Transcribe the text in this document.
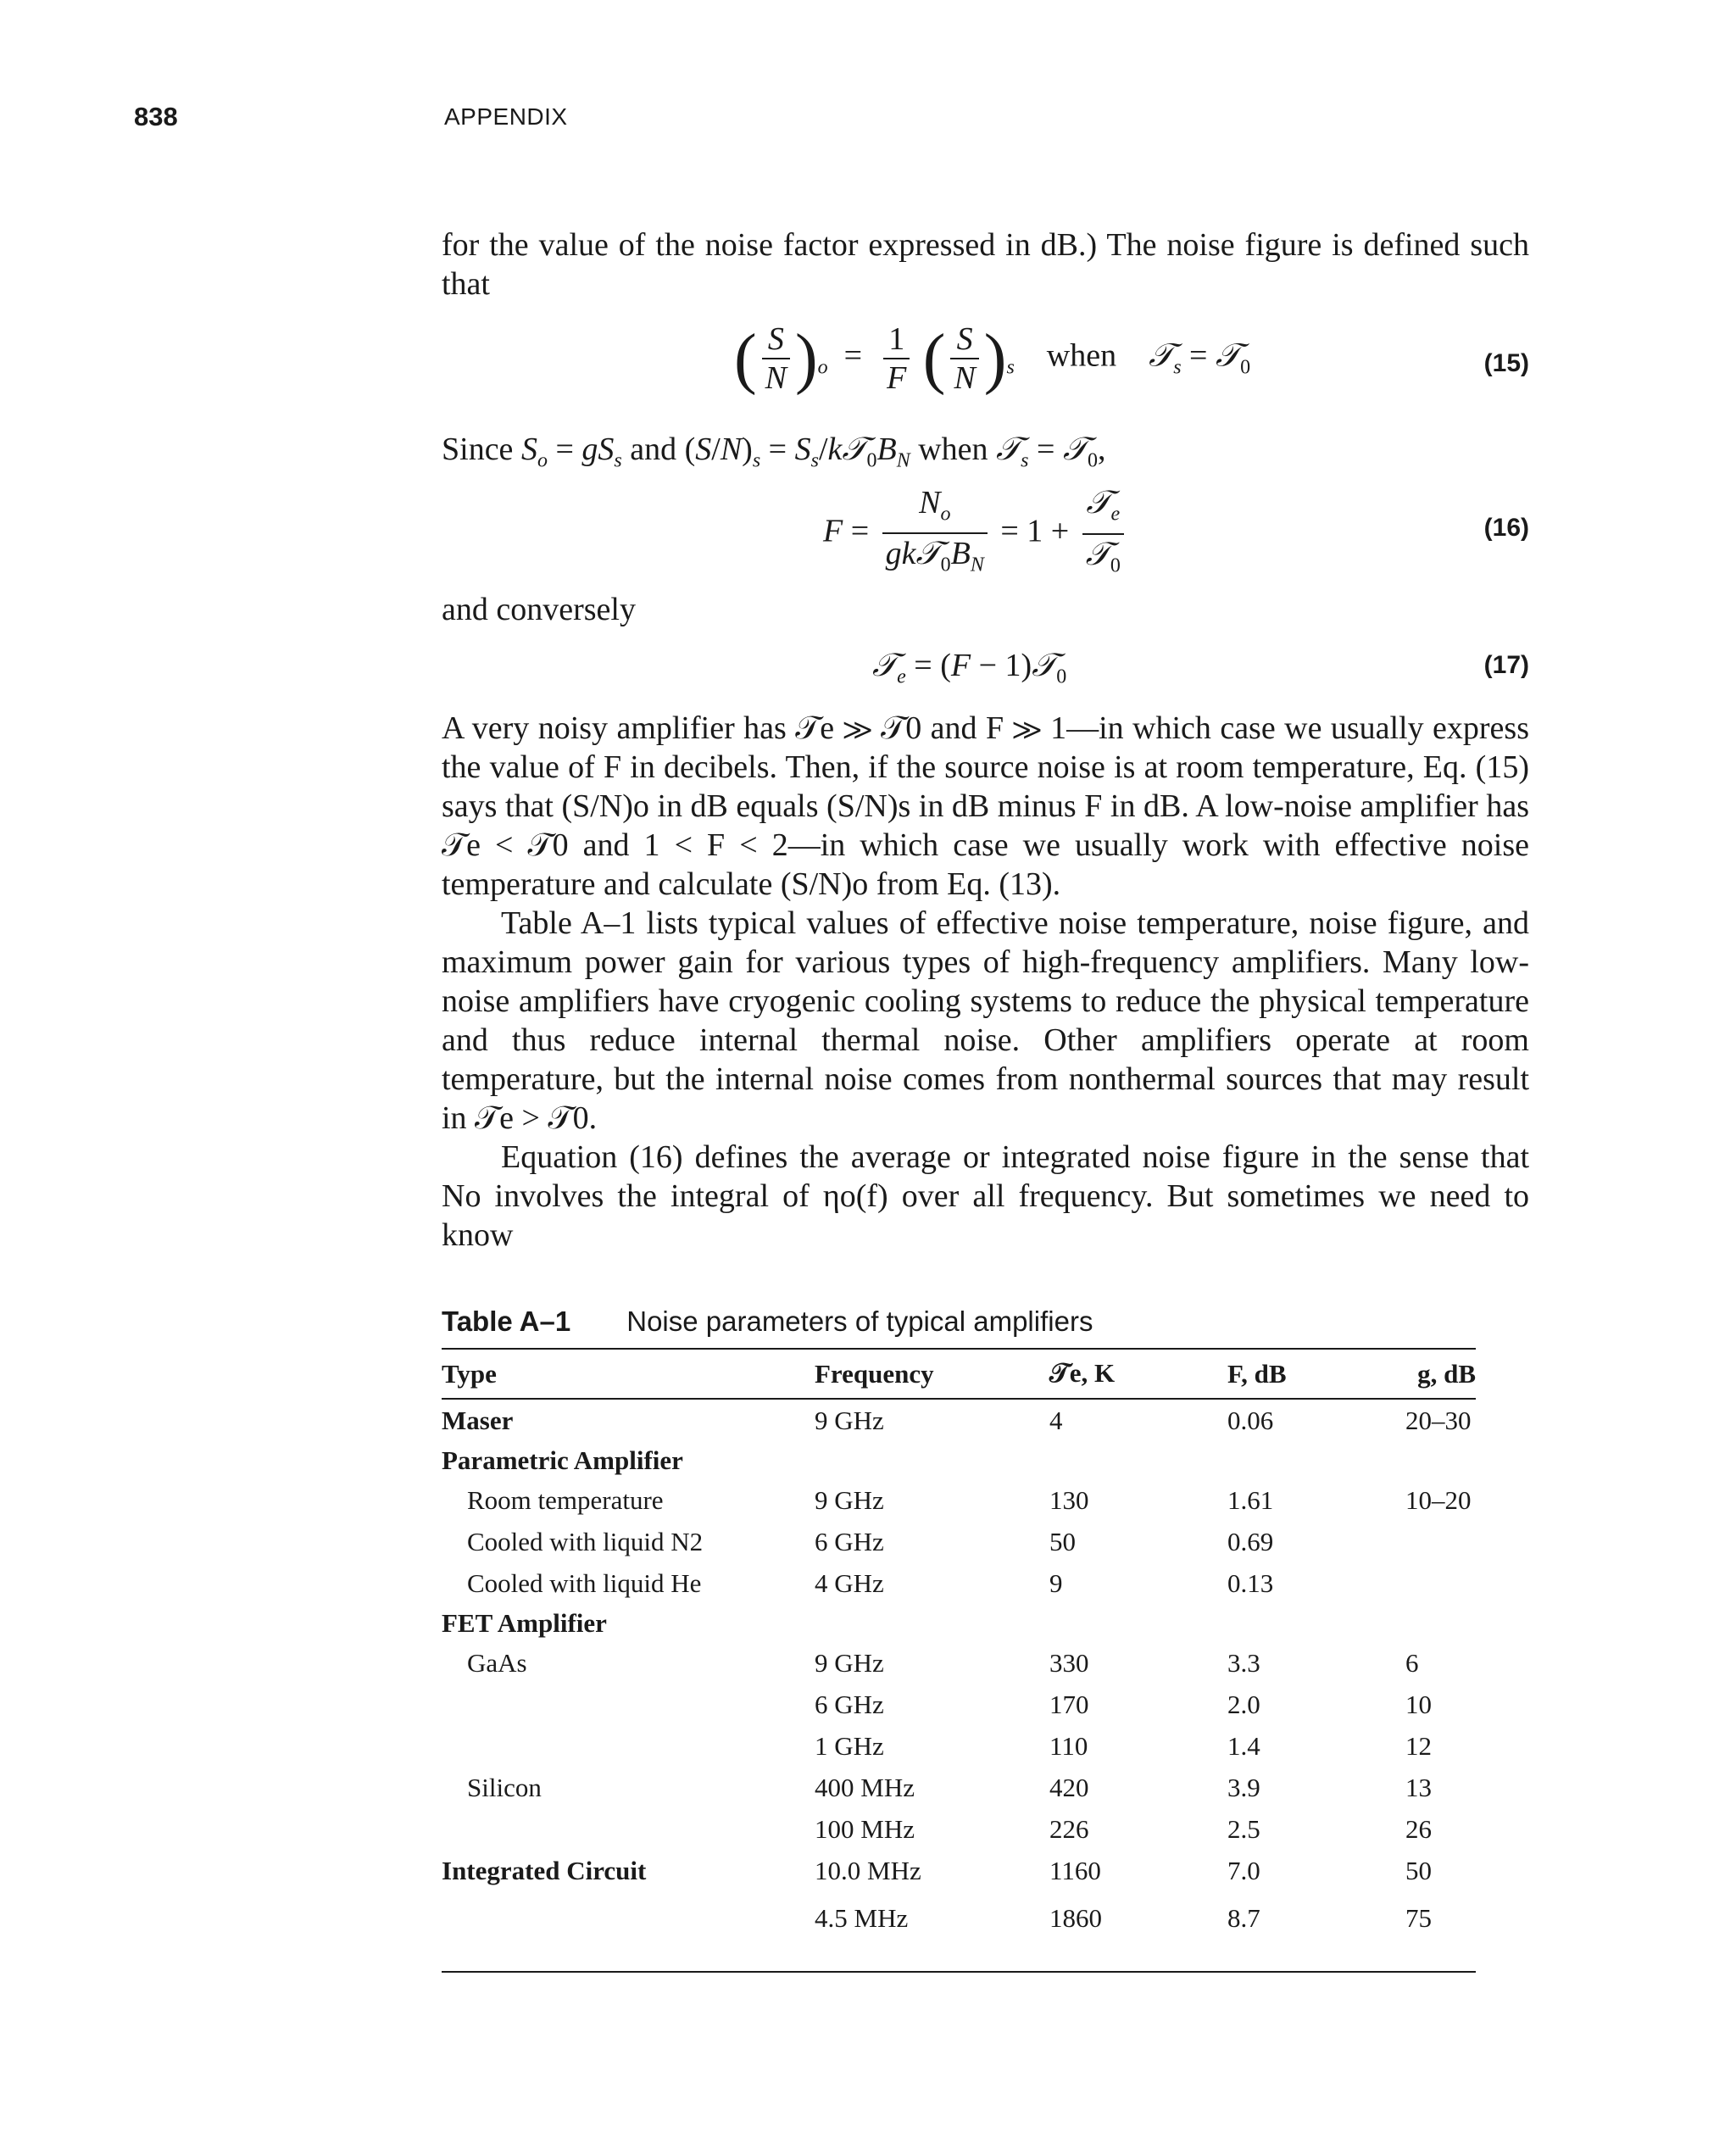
838	APPENDIX

for the value of the noise factor expressed in dB.) The noise figure is defined such that

( $\frac{S}{N} )_o = \frac{1}{F}$ ( $\frac{S}{N} )_s$ when 𝒯$_s$ = 𝒯$_0$	(15)

Since $S_o = gS_s$ and $(S/N)_s$ = $S_s/k𝒯_0B_N$ when 𝒯$_s$ = 𝒯$_0$,

$F = \frac{N_o}{gk𝒯_0B_N} = 1 + \frac{𝒯_e}{𝒯_0}$	(16)

and conversely

𝒯$_e$ = (F − 1)𝒯$_0$	(17)

A very noisy amplifier has 𝒯e ≫ 𝒯0 and F ≫ 1—in which case we usually express the value of F in decibels. Then, if the source noise is at room temperature, Eq. (15) says that (S/N)o in dB equals (S/N)s in dB minus F in dB. A low-noise amplifier has 𝒯e < 𝒯0 and 1 < F < 2—in which case we usually work with effective noise temperature and calculate (S/N)o from Eq. (13).

Table A–1 lists typical values of effective noise temperature, noise figure, and maximum power gain for various types of high-frequency amplifiers. Many low-noise amplifiers have cryogenic cooling systems to reduce the physical temperature and thus reduce internal thermal noise. Other amplifiers operate at room temperature, but the internal noise comes from nonthermal sources that may result in 𝒯e > 𝒯0.

Equation (16) defines the average or integrated noise figure in the sense that No involves the integral of ηo(f) over all frequency. But sometimes we need to know

Table A–1 Noise parameters of typical amplifiers
Type	Frequency	𝒯e, K	F, dB	g, dB
Maser	9 GHz	4	0.06	20–30
Parametric Amplifier				
Room temperature	9 GHz	130	1.61	10–20
Cooled with liquid N2	6 GHz	50	0.69	
Cooled with liquid He	4 GHz	9	0.13	
FET Amplifier				
GaAs	9 GHz	330	3.3	6
	6 GHz	170	2.0	10
	1 GHz	110	1.4	12
Silicon	400 MHz	420	3.9	13
	100 MHz	226	2.5	26
Integrated Circuit	10.0 MHz	1160	7.0	50
	4.5 MHz	1860	8.7	75
